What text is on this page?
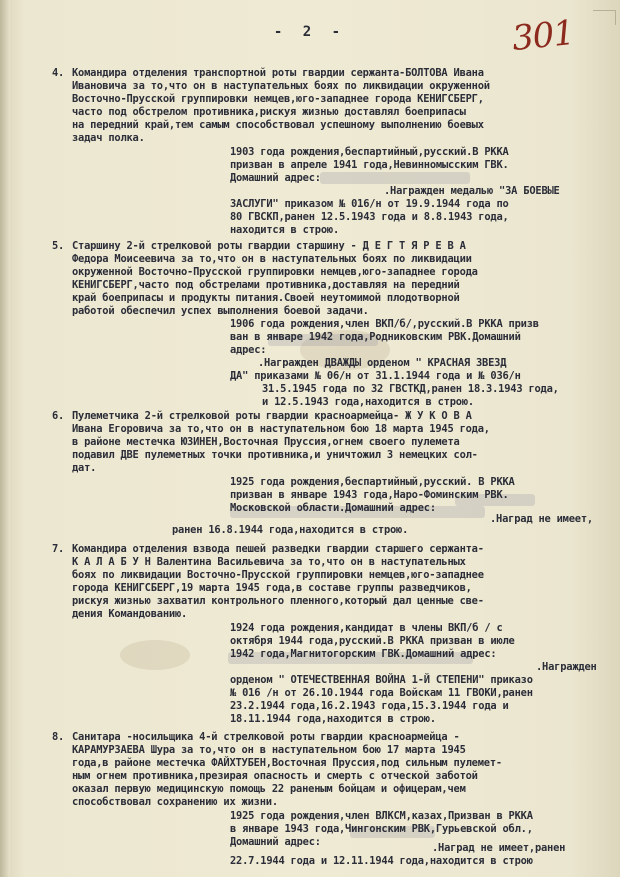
- 2 -	301
4. Командира отделения транспортной роты гвардии сержанта-БОЛТОВА Ивана
Ивановича за то,что он в наступательных боях по ликвидации окруженной
Восточно-Прусской группировки немцев,юго-западнее города КЕНИГСБЕРГ,
часто под обстрелом противника,рискуя жизнью доставлял боеприпасы
на передний край,тем самым способствовал успешному выполнению боевых
задач полка.
1903 года рождения,беспартийный,русский.В РККА
призван в апреле 1941 года,Невинномысским ГВК.
Домашний адрес:
.Награжден медалью "ЗА БОЕВЫЕ
ЗАСЛУГИ" приказом № 016/н от 19.9.1944 года по
80 ГВСКП,ранен 12.5.1943 года и 8.8.1943 года,
находится в строю.
5. Старшину 2-й стрелковой роты гвардии старшину - Д Е Г Т Я Р Е В А
Федора Моисеевича за то,что он в наступательных боях по ликвидации
окруженной Восточно-Прусской группировки немцев,юго-западнее города
КЕНИГСБЕРГ,часто под обстрелами противника,доставляя на передний
край боеприпасы и продукты питания.Своей неутомимой плодотворной
работой обеспечил успех выполнения боевой задачи.
1906 года рождения,член ВКП/б/,русский.В РККА призв
ван в январе 1942 года,Родниковским РВК.Домашний
адрес:
.Награжден ДВАЖДЫ орденом " КРАСНАЯ ЗВЕЗД
ДА" приказами № 06/н от 31.1.1944 года и № 036/н
31.5.1945 года по 32 ГВСТКД,ранен 18.3.1943 года,
и 12.5.1943 года,находится в строю.
6. Пулеметчика 2-й стрелковой роты гвардии красноармейца- Ж У К О В А
Ивана Егоровича за то,что он в наступательном бою 18 марта 1945 года,
в районе местечка ЮЗИНЕН,Восточная Пруссия,огнем своего пулемета
подавил ДВЕ пулеметных точки противника,и уничтожил 3 немецких сол-
дат.
1925 года рождения,беспартийный,русский. В РККА
призван в январе 1943 года,Наро-Фоминским РВК.
Московской области.Домашний адрес:
.Наград не имеет,
ранен 16.8.1944 года,находится в строю.
7. Командира отделения взвода пешей разведки гвардии старшего сержанта-
К А Л А Б У Н Валентина Васильевича за то,что он в наступательных
боях по ликвидации Восточно-Прусской группировки немцев,юго-западнее
города КЕНИГСБЕРГ,19 марта 1945 года,в составе группы разведчиков,
рискуя жизнью захватил контрольного пленного,который дал ценные све-
дения Командованию.
1924 года рождения,кандидат в члены ВКП/б / с
октября 1944 года,русский.В РККА призван в июле
1942 года,Магнитогорским ГВК.Домашний адрес:
.Награжден
орденом " ОТЕЧЕСТВЕННАЯ ВОЙНА 1-Й СТЕПЕНИ" приказо
№ 016 /н от 26.10.1944 года Войскам 11 ГВОКИ,ранен
23.2.1944 года,16.2.1943 года,15.3.1944 года и
18.11.1944 года,находится в строю.
8. Санитара -носильщика 4-й стрелковой роты гвардии красноармейца -
КАРАМУРЗАЕВА Шура за то,что он в наступательном бою 17 марта 1945
года,в районе местечка ФАЙХТУБЕН,Восточная Пруссия,под сильным пулемет-
ным огнем противника,презирая опасность и смерть с отческой заботой
оказал первую медицинскую помощь 22 раненым бойцам и офицерам,чем
способствовал сохранению их жизни.
1925 года рождения,член ВЛКСМ,казах,Призван в РККА
в январе 1943 года,Чингонским РВК,Гурьевской обл.,
Домашний адрес:	.Наград не имеет,ранен
22.7.1944 года и 12.11.1944 года,находится в строю
